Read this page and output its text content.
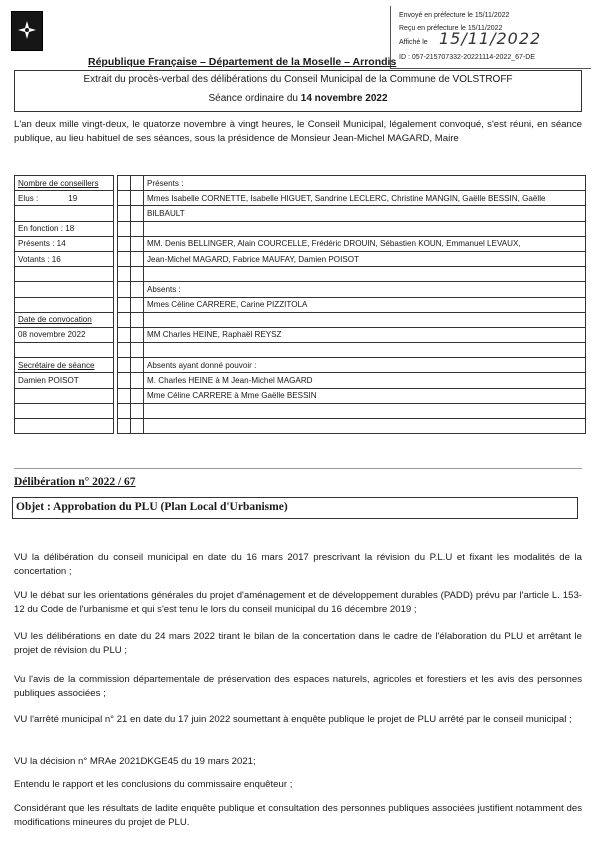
Envoyé en préfecture le 15/11/2022
Reçu en préfecture le 15/11/2022
Affiché le 15/11/2022
ID : 057-215707332-20221114-2022_67-DE
République Française – Département de la Moselle – Arrondis
Extrait du procès-verbal des délibérations du Conseil Municipal de la Commune de VOLSTROFF
Séance ordinaire du 14 novembre 2022
L'an deux mille vingt-deux, le quatorze novembre à vingt heures, le Conseil Municipal, légalement convoqué, s'est réuni, en séance publique, au lieu habituel de ses séances, sous la présidence de Monsieur Jean-Michel MAGARD, Maire
Nombre de conseillers				Présents :
Elus : 19				Mmes Isabelle CORNETTE, Isabelle HIGUET, Sandrine LECLERC, Christine MANGIN, Gaëlle BESSIN, Gaëlle
				BILBAULT
En fonction : 18				
Présents : 14				MM. Denis BELLINGER, Alain COURCELLE, Frédéric DROUIN, Sébastien KOUN, Emmanuel LEVAUX,
Votants : 16				Jean-Michel MAGARD, Fabrice MAUFAY, Damien POISOT

				Absents :
				Mmes Céline CARRERE, Carine PIZZITOLA
Date de convocation				
08 novembre 2022				MM Charles HEINE, Raphaël REYSZ

Secrétaire de séance				Absents ayant donné pouvoir :
Damien POISOT				M. Charles HEINE à M Jean-Michel MAGARD
				Mme Céline CARRERE à Mme Gaëlle BESSIN

Délibération n° 2022 / 67
Objet : Approbation du PLU (Plan Local d'Urbanisme)
VU la délibération du conseil municipal en date du 16 mars 2017 prescrivant la révision du P.L.U et fixant les modalités de la concertation ;
VU le débat sur les orientations générales du projet d'aménagement et de développement durables (PADD) prévu par l'article L. 153-12 du Code de l'urbanisme et qui s'est tenu le lors du conseil municipal du 16 décembre 2019 ;
VU les délibérations en date du 24 mars 2022 tirant le bilan de la concertation dans le cadre de l'élaboration du PLU et arrêtant le projet de révision du PLU ;
Vu l'avis de la commission départementale de préservation des espaces naturels, agricoles et forestiers et les avis des personnes publiques associées ;
VU l'arrêté municipal n° 21 en date du 17 juin 2022 soumettant à enquête publique le projet de PLU arrêté par le conseil municipal ;
VU la décision n° MRAe 2021DKGE45 du 19 mars 2021;
Entendu le rapport et les conclusions du commissaire enquêteur ;
Considérant que les résultats de ladite enquête publique et consultation des personnes publiques associées justifient notamment des modifications mineures du projet de PLU.
